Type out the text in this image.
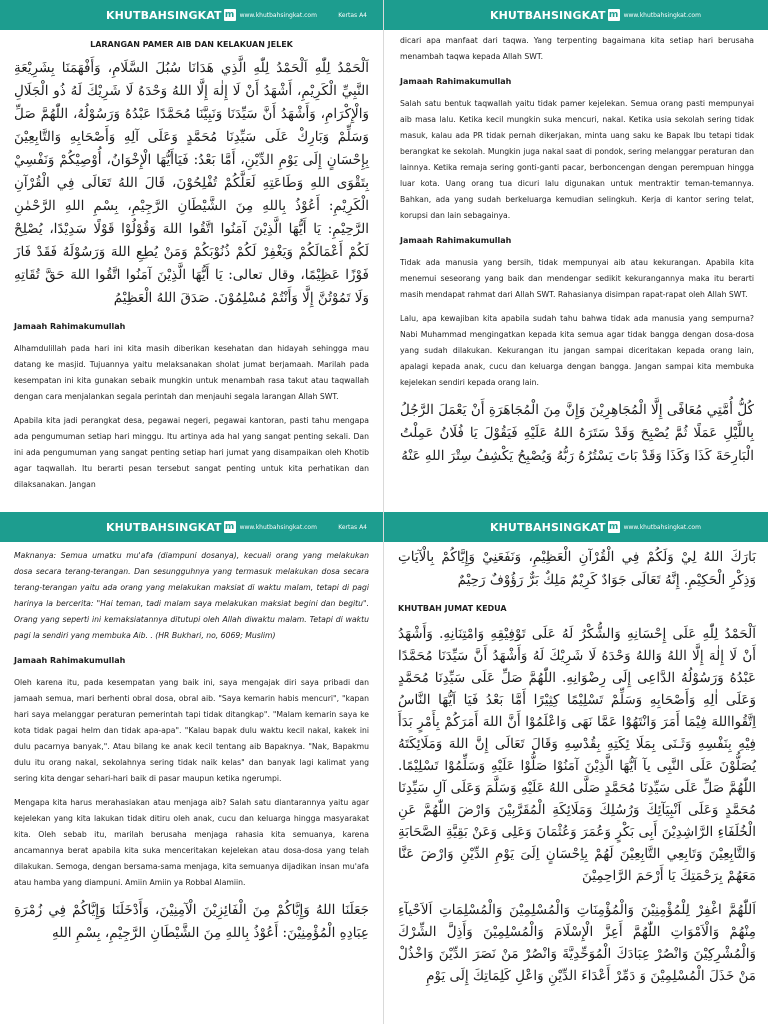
KHUTBAHSINGKAT m www.khutbahsingkat.com	Kertas A4
LARANGAN PAMER AIB DAN KELAKUAN JELEK
اَلْحَمْدُ لِلّٰهِ اَلْحَمْدُ لِلّٰهِ الَّذِي هَدَانَا سُبُلَ السَّلَامِ، وَأَفْهَمَنَا بِشَرِيْعَةِ النَّبِيِّ الْكَرِيْمِ، أَشْهَدُ أَنْ لَا إِلٰهَ إِلَّا اللهُ وَحْدَهُ لَا شَرِيْكَ لَهُ ذُو الْجَلَالِ وَالْإِكْرَامِ، وَأَشْهَدُ أَنَّ سَيِّدَنَا وَنَبِيَّنَا مُحَمَّدًا عَبْدُهُ وَرَسُوْلُهُ، اللّٰهُمَّ صَلِّ وَسَلِّمْ وَبَارِكْ عَلَى سَيِّدِنَا مُحَمَّدٍ وَعَلَى آلِهِ وَأَصْحَابِهِ وَالتَّابِعِيْنَ بِإِحْسَانٍ إِلَى يَوْمِ الدِّيْنِ، أَمَّا بَعْدُ: فَيَاأَيُّهَا الْإِخْوَانُ، أُوْصِيْكُمْ وَنَفْسِيْ بِتَقْوَى اللهِ وَطَاعَتِهِ لَعَلَّكُمْ تُفْلِحُوْنَ، قَالَ اللهُ تَعَالَى فِي الْقُرْآنِ الْكَرِيْمِ: أَعُوْذُ بِاللهِ مِنَ الشَّيْطَانِ الرَّجِيْمِ، بِسْمِ اللهِ الرَّحْمٰنِ الرَّحِيْمِ: يَا أَيُّهَا الَّذِيْنَ آمَنُوا اتَّقُوا اللهَ وَقُوْلُوْا قَوْلًا سَدِيْدًا، يُصْلِحْ لَكُمْ أَعْمَالَكُمْ وَيَغْفِرْ لَكُمْ ذُنُوْبَكُمْ وَمَنْ يُطِعِ اللهَ وَرَسُوْلَهُ فَقَدْ فَازَ فَوْزًا عَظِيْمًا، وقال تعالى: يَا أَيُّهَا الَّذِيْنَ آمَنُوا اتَّقُوا اللهَ حَقَّ تُقَاتِهِ وَلَا تَمُوْتُنَّ إِلَّا وَأَنْتُمْ مُسْلِمُوْنَ. صَدَقَ اللهُ الْعَظِيْمُ
Jamaah Rahimakumullah

Alhamdulillah pada hari ini kita masih diberikan kesehatan dan hidayah sehingga mau datang ke masjid. Tujuannya yaitu melaksanakan sholat jumat berjamaah. Marilah pada kesempatan ini kita gunakan sebaik mungkin untuk menambah rasa takut atau taqwallah dengan cara menjalankan segala perintah dan menjauhi segala larangan Allah SWT.

Apabila kita jadi perangkat desa, pegawai negeri, pegawai kantoran, pasti tahu mengapa ada pengumuman setiap hari minggu. Itu artinya ada hal yang sangat penting sekali. Dan ini ada pengumuman yang sangat penting setiap hari jumat yang disampaikan oleh Khotib agar taqwallah. Itu berarti pesan tersebut sangat penting untuk kita perhatikan dan dilaksanakan. Jangan

KHUTBAHSINGKAT m www.khutbahsingkat.com

dicari apa manfaat dari taqwa. Yang terpenting bagaimana kita setiap hari berusaha menambah taqwa kepada Allah SWT.

Jamaah Rahimakumullah

Salah satu bentuk taqwallah yaitu tidak pamer kejelekan. Semua orang pasti mempunyai aib masa lalu. Ketika kecil mungkin suka mencuri, nakal. Ketika usia sekolah sering tidak masuk, kalau ada PR tidak pernah dikerjakan, minta uang saku ke Bapak Ibu tetapi tidak berangkat ke sekolah. Mungkin juga nakal saat di pondok, sering melanggar peraturan dan lainnya. Ketika remaja sering gonti-ganti pacar, berboncengan dengan perempuan hingga luar kota. Uang orang tua dicuri lalu digunakan untuk mentraktir teman-temannya. Bahkan, ada yang sudah berkeluarga kemudian selingkuh. Kerja di kantor sering telat, korupsi dan lain sebagainya.

Jamaah Rahimakumullah

Tidak ada manusia yang bersih, tidak mempunyai aib atau kekurangan. Apabila kita menemui seseorang yang baik dan mendengar sedikit kekurangannya maka itu berarti masih mendapat rahmat dari Allah SWT. Rahasianya disimpan rapat-rapat oleh Allah SWT.

Lalu, apa kewajiban kita apabila sudah tahu bahwa tidak ada manusia yang sempurna? Nabi Muhammad mengingatkan kepada kita semua agar tidak bangga dengan dosa-dosa yang sudah dilakukan. Kekurangan itu jangan sampai diceritakan kepada orang lain, apalagi kepada anak, cucu dan keluarga dengan bangga. Jangan sampai kita membuka kejelekan sendiri kepada orang lain.

كُلُّ أُمَّتِي مُعَافًى إِلَّا الْمُجَاهِرِيْنَ وَإِنَّ مِنَ الْمُجَاهَرَةِ أَنْ يَعْمَلَ الرَّجُلُ بِاللَّيْلِ عَمَلًا ثُمَّ يُصْبِحَ وَقَدْ سَتَرَهُ اللهُ عَلَيْهِ فَيَقُوْلَ يَا فُلَانُ عَمِلْتُ الْبَارِحَةَ كَذَا وَكَذَا وَقَدْ بَاتَ يَسْتُرُهُ رَبُّهُ وَيُصْبِحُ يَكْشِفُ سِتْرَ اللهِ عَنْهُ
KHUTBAHSINGKAT m www.khutbahsingkat.com	Kertas A4

Maknanya: Semua umatku mu'afa (diampuni dosanya), kecuali orang yang melakukan dosa secara terang-terangan. Dan sesungguhnya yang termasuk melakukan dosa secara terang-terangan yaitu ada orang yang melakukan maksiat di waktu malam, tetapi di pagi harinya la berceritа: "Hai teman, tadi malam saya melakukan maksiat begini dan begitu". Orang yang seperti ini kemaksiatannya ditutupi oleh Allah diwaktu malam. Tetapi di waktu pagi la sendiri yang membuka Aib. . (HR Bukhari, no, 6069; Muslim)

Jamaah Rahimakumullah

Oleh karena itu, pada kesempatan yang baik ini, saya mengajak diri saya pribadi dan jamaah semua, mari berhenti obral dosa, obral aib. "Saya kemarin habis mencuri", "kapan hari saya melanggar peraturan pemerintah tapi tidak ditangkap". "Malam kemarin saya ke kota tidak pagai helm dan tidak apa-apa". "Kalau bapak dulu waktu kecil nakal, kakek ini dulu pacarnya banyak,". Atau bilang ke anak kecil tentang aib Bapaknya. "Nak, Bapakmu dulu itu orang nakal, sekolahnya sering tidak naik kelas" dan banyak lagi kalimat yang sering kita dengar sehari-hari baik di pasar maupun ketika ngerumpi.

Mengapa kita harus merahasiakan atau menjaga aib? Salah satu diantarannya yaitu agar kejelekan yang kita lakukan tidak ditiru oleh anak, cucu dan keluarga hingga masyarakat kita. Oleh sebab itu, marilah berusaha menjaga rahasia kita semuanya, karena ancamannya berat apabila kita suka menceritakan kejelekan atau dosa-dosa yang telah dilakukan. Semoga, dengan bersama-sama menjaga, kita semuanya dijadikan insan mu'afa atau hamba yang diampuni. Amiin Amiin ya Robbal Alamiin.

جَعَلَنَا اللهُ وَإِيَّاكُمْ مِنَ الْفَائِزِيْنَ الْآمِنِيْنَ، وَأَدْخَلَنَا وَإِيَّاكُمْ فِي زُمْرَةِ عِبَادِهِ الْمُؤْمِنِيْنَ: أَعُوْذُ بِاللهِ مِنَ الشَّيْطَانِ الرَّجِيْمِ، بِسْمِ اللهِ
KHUTBAHSINGKAT m www.khutbahsingkat.com
بَارَكَ اللهُ لِيْ وَلَكُمْ فِي الْقُرْآنِ الْعَظِيْمِ، وَنَفَعَنِيْ وَإِيَّاكُمْ بِالْآيَاتِ وَذِكْرِ الْحَكِيْمِ. إِنَّهُ تَعَالَى جَوَادٌ كَرِيْمٌ مَلِكٌ بَرٌّ رَؤُوْفٌ رَحِيْمٌ
KHUTBAH JUMAT KEDUA
اَلْحَمْدُ لِلّٰهِ عَلَى إِحْسَانِهِ وَالشُّكْرُ لَهُ عَلَى تَوْفِيْقِهِ وَامْتِنَانِهِ. وَأَشْهَدُ أَنْ لَا إِلٰهَ إِلَّا اللهُ وَاللهُ وَحْدَهُ لَا شَرِيْكَ لَهُ وَأَشْهَدُ أَنَّ سَيِّدَنَا مُحَمَّدًا عَبْدُهُ وَرَسُوْلُهُ الدَّاعِى إِلَى رِضْوَانِهِ. اللّٰهُمَّ صَلِّ عَلَى سَيِّدِنَا مُحَمَّدٍ وَعَلَى اٰلِهِ وَأَصْحَابِهِ وَسَلِّمْ تَسْلِيْمًا كِثِيْرًا أَمَّا بَعْدُ فَيَا اَيُّهَا النَّاسُ اِتَّقُوااللهَ فِيْمَا أَمَرَ وَانْتَهُوْا عَمَّا نَهَى وَاعْلَمُوْا أَنَّ اللهَ أَمَرَكُمْ بِأَمْرٍ بَدَأَ فِيْهِ بِنَفْسِهِ وَثَـنَى بِمَلَا ئِكَتِهِ بِقُدْسِهِ وَقَالَ تَعَالَى إِنَّ اللهَ وَمَلَائِكَتَهُ يُصَلُّوْنَ عَلَى النَّبِى يآ اَيُّهَا الَّذِيْنَ آمَنُوْا صَلُّوْا عَلَيْهِ وَسَلِّمُوْا تَسْلِيْمًا. اللّٰهُمَّ صَلِّ عَلَى سَيِّدِنَا مُحَمَّدٍ صَلَّى اللهُ عَلَيْهِ وَسَلَّمَ وَعَلَى آلِ سَيِّدِنَا مُحَمَّدٍ وَعَلَى اَنْبِيَآئِكَ وَرُسُلِكَ وَمَلَائِكَةِ الْمُقَرَّبِيْنَ وَارْضَ اللّٰهُمَّ عَنِ الْخُلَفَاءِ الرَّاشِدِيْنَ أَبِى بَكْرٍ وَعُمَرَ وَعُثْمَانَ وَعَلِى وَعَنْ بَقِيَّةِ الصَّحَابَةِ وَالتَّابِعِيْنَ وَتَابِعِي التَّابِعِيْنَ لَهُمْ بِاِحْسَانٍ اِلَىَ يَوْمِ الدِّيْنِ وَارْضَ عَنَّا مَعَهُمْ بِرَحْمَتِكَ يَا أَرْحَمَ الرَّاحِمِيْنَ
اَللّٰهُمَّ اغْفِرْ لِلْمُؤْمِنِيْنَ وَالْمُؤْمِنَاتِ وَالْمُسْلِمِيْنَ وَالْمُسْلِمَاتِ اَلاَحْيآءِ مِنْهُمْ وَالْاَمْوَاتِ اللّٰهُمَّ أَعِزَّ الْإِسْلَامَ وَالْمُسْلِمِيْنَ وَأَذِلَّ الشِّرْكَ وَالْمُشْرِكِيْنَ وَانْصُرْ عِبَادَكَ الْمُوَحِّدِيَّةَ وَانْصُرْ مَنْ نَصَرَ الدِّيْنَ وَاخْذُلْ مَنْ خَذَلَ الْمُسْلِمِيْنَ وَ دَمِّرْ أَعْدَاءَ الدِّيْنِ وَاعْلِ كَلِمَاتِكَ إِلَى يَوْمِ
